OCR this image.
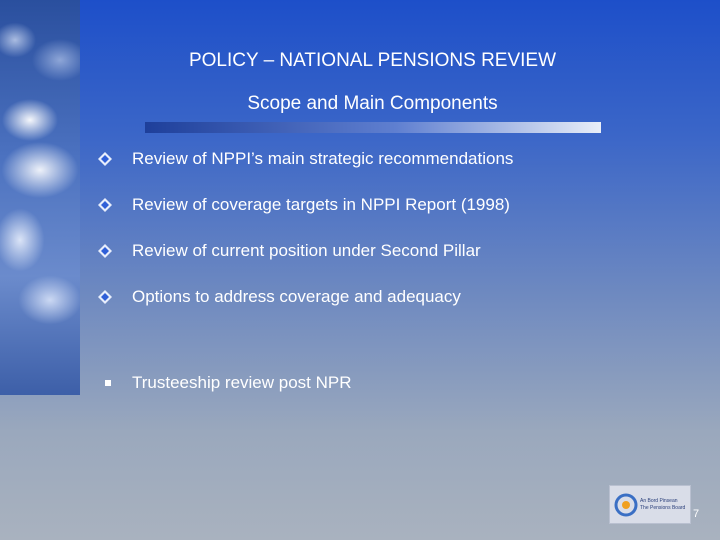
POLICY – NATIONAL PENSIONS REVIEW
Scope and Main Components
Review of NPPI’s main strategic recommendations
Review of coverage targets in NPPI Report (1998)
Review of current position under Second Pillar
Options to address coverage and adequacy
Trusteeship review post NPR
An Bord Pinsean
The Pensions Board
7
